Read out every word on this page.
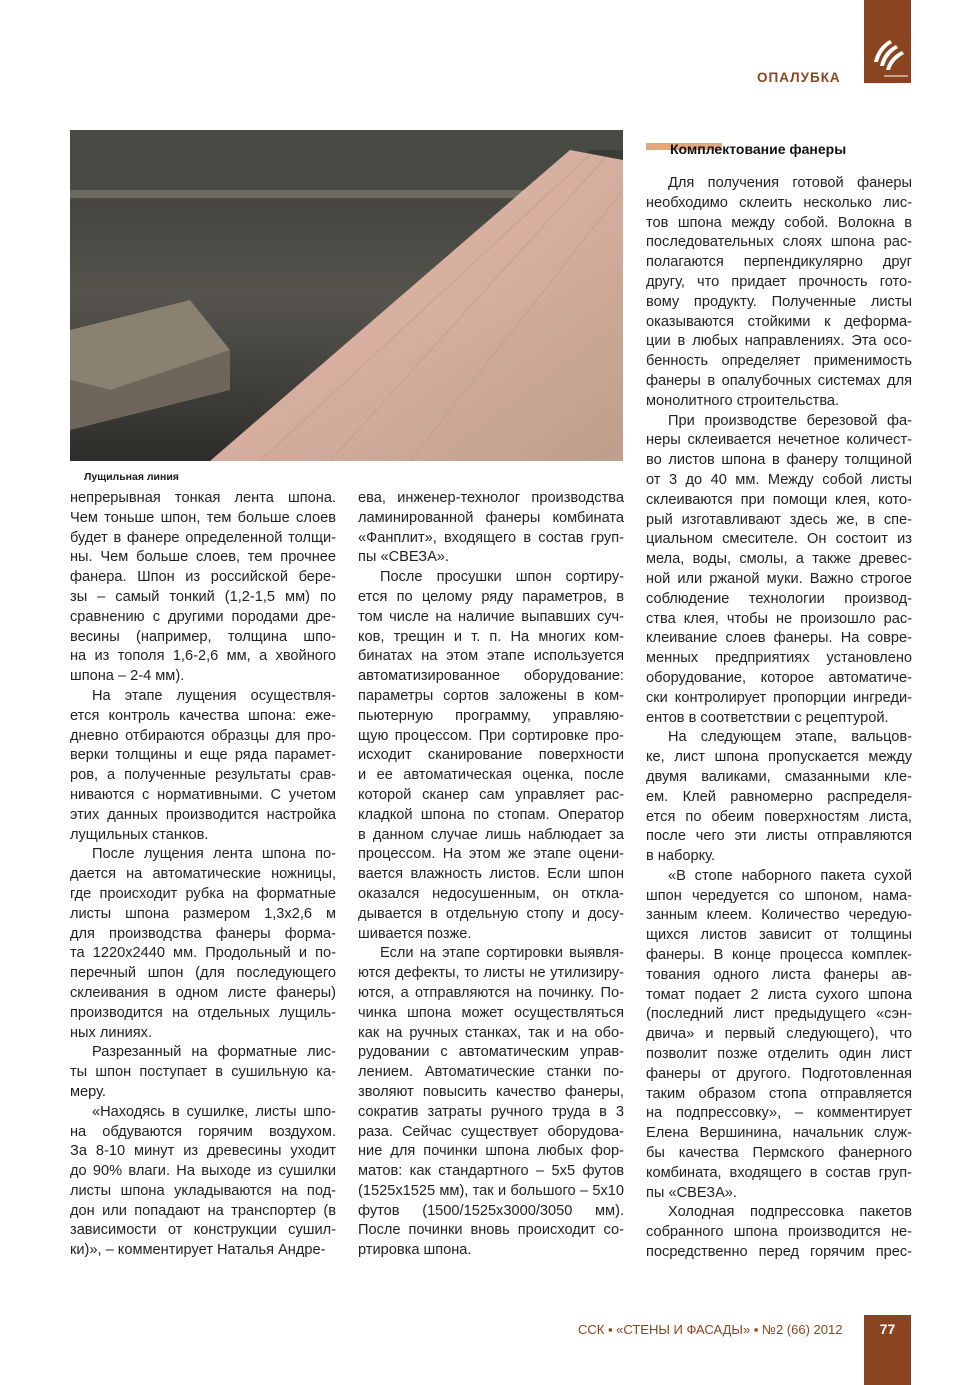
ОПАЛУБКА
Лущильная линия
Комплектование фанеры
непрерывная тонкая лента шпона.
Чем тоньше шпон, тем больше слоев
будет в фанере определенной толщи-
ны. Чем больше слоев, тем прочнее
фанера. Шпон из российской бере-
зы – самый тонкий (1,2-1,5 мм) по
сравнению с другими породами дре-
весины (например, толщина шпо-
на из тополя 1,6-2,6 мм, а хвойного
шпона – 2-4 мм).
На этапе лущения осуществля-
ется контроль качества шпона: еже-
дневно отбираются образцы для про-
верки толщины и еще ряда парамет-
ров, а полученные результаты срав-
ниваются с нормативными. С учетом
этих данных производится настройка
лущильных станков.
После лущения лента шпона по-
дается на автоматические ножницы,
где происходит рубка на форматные
листы шпона размером 1,3х2,6 м
для производства фанеры форма-
та 1220х2440 мм. Продольный и по-
перечный шпон (для последующего
склеивания в одном листе фанеры)
производится на отдельных лущиль-
ных линиях.
Разрезанный на форматные лис-
ты шпон поступает в сушильную ка-
меру.
«Находясь в сушилке, листы шпо-
на обдуваются горячим воздухом.
За 8-10 минут из древесины уходит
до 90% влаги. На выходе из сушилки
листы шпона укладываются на под-
дон или попадают на транспортер (в
зависимости от конструкции сушил-
ки)», – комментирует Наталья Андре-
ева, инженер-технолог производства
ламинированной фанеры комбината
«Фанплит», входящего в состав груп-
пы «СВЕЗА».
После просушки шпон сортиру-
ется по целому ряду параметров, в
том числе на наличие выпавших суч-
ков, трещин и т. п. На многих ком-
бинатах на этом этапе используется
автоматизированное оборудование:
параметры сортов заложены в ком-
пьютерную программу, управляю-
щую процессом. При сортировке про-
исходит сканирование поверхности
и ее автоматическая оценка, после
которой сканер сам управляет рас-
кладкой шпона по стопам. Оператор
в данном случае лишь наблюдает за
процессом. На этом же этапе оцени-
вается влажность листов. Если шпон
оказался недосушенным, он откла-
дывается в отдельную стопу и досу-
шивается позже.
Если на этапе сортировки выявля-
ются дефекты, то листы не утилизиру-
ются, а отправляются на починку. По-
чинка шпона может осуществляться
как на ручных станках, так и на обо-
рудовании с автоматическим управ-
лением. Автоматические станки по-
зволяют повысить качество фанеры,
сократив затраты ручного труда в 3
раза. Сейчас существует оборудова-
ние для починки шпона любых фор-
матов: как стандартного – 5х5 футов
(1525х1525 мм), так и большого – 5х10
футов (1500/1525х3000/3050 мм).
После починки вновь происходит со-
ртировка шпона.
Для получения готовой фанеры
необходимо склеить несколько лис-
тов шпона между собой. Волокна в
последовательных слоях шпона рас-
полагаются перпендикулярно друг
другу, что придает прочность гото-
вому продукту. Полученные листы
оказываются стойкими к деформа-
ции в любых направлениях. Эта осо-
бенность определяет применимость
фанеры в опалубочных системах для
монолитного строительства.
При производстве березовой фа-
неры склеивается нечетное количест-
во листов шпона в фанеру толщиной
от 3 до 40 мм. Между собой листы
склеиваются при помощи клея, кото-
рый изготавливают здесь же, в спе-
циальном смесителе. Он состоит из
мела, воды, смолы, а также древес-
ной или ржаной муки. Важно строгое
соблюдение технологии производ-
ства клея, чтобы не произошло рас-
клеивание слоев фанеры. На совре-
менных предприятиях установлено
оборудование, которое автоматиче-
ски контролирует пропорции ингреди-
ентов в соответствии с рецептурой.
На следующем этапе, вальцов-
ке, лист шпона пропускается между
двумя валиками, смазанными кле-
ем. Клей равномерно распределя-
ется по обеим поверхностям листа,
после чего эти листы отправляются
в наборку.
«В стопе наборного пакета сухой
шпон чередуется со шпоном, нама-
занным клеем. Количество чередую-
щихся листов зависит от толщины
фанеры. В конце процесса комплек-
тования одного листа фанеры ав-
томат подает 2 листа сухого шпона
(последний лист предыдущего «сэн-
двича» и первый следующего), что
позволит позже отделить один лист
фанеры от другого. Подготовленная
таким образом стопа отправляется
на подпрессовку», – комментирует
Елена Вершинина, начальник служ-
бы качества Пермского фанерного
комбината, входящего в состав груп-
пы «СВЕЗА».
Холодная подпрессовка пакетов
собранного шпона производится не-
посредственно перед горячим прес-
ССК ▪ «СТЕНЫ И ФАСАДЫ» ▪ №2 (66) 2012	77
